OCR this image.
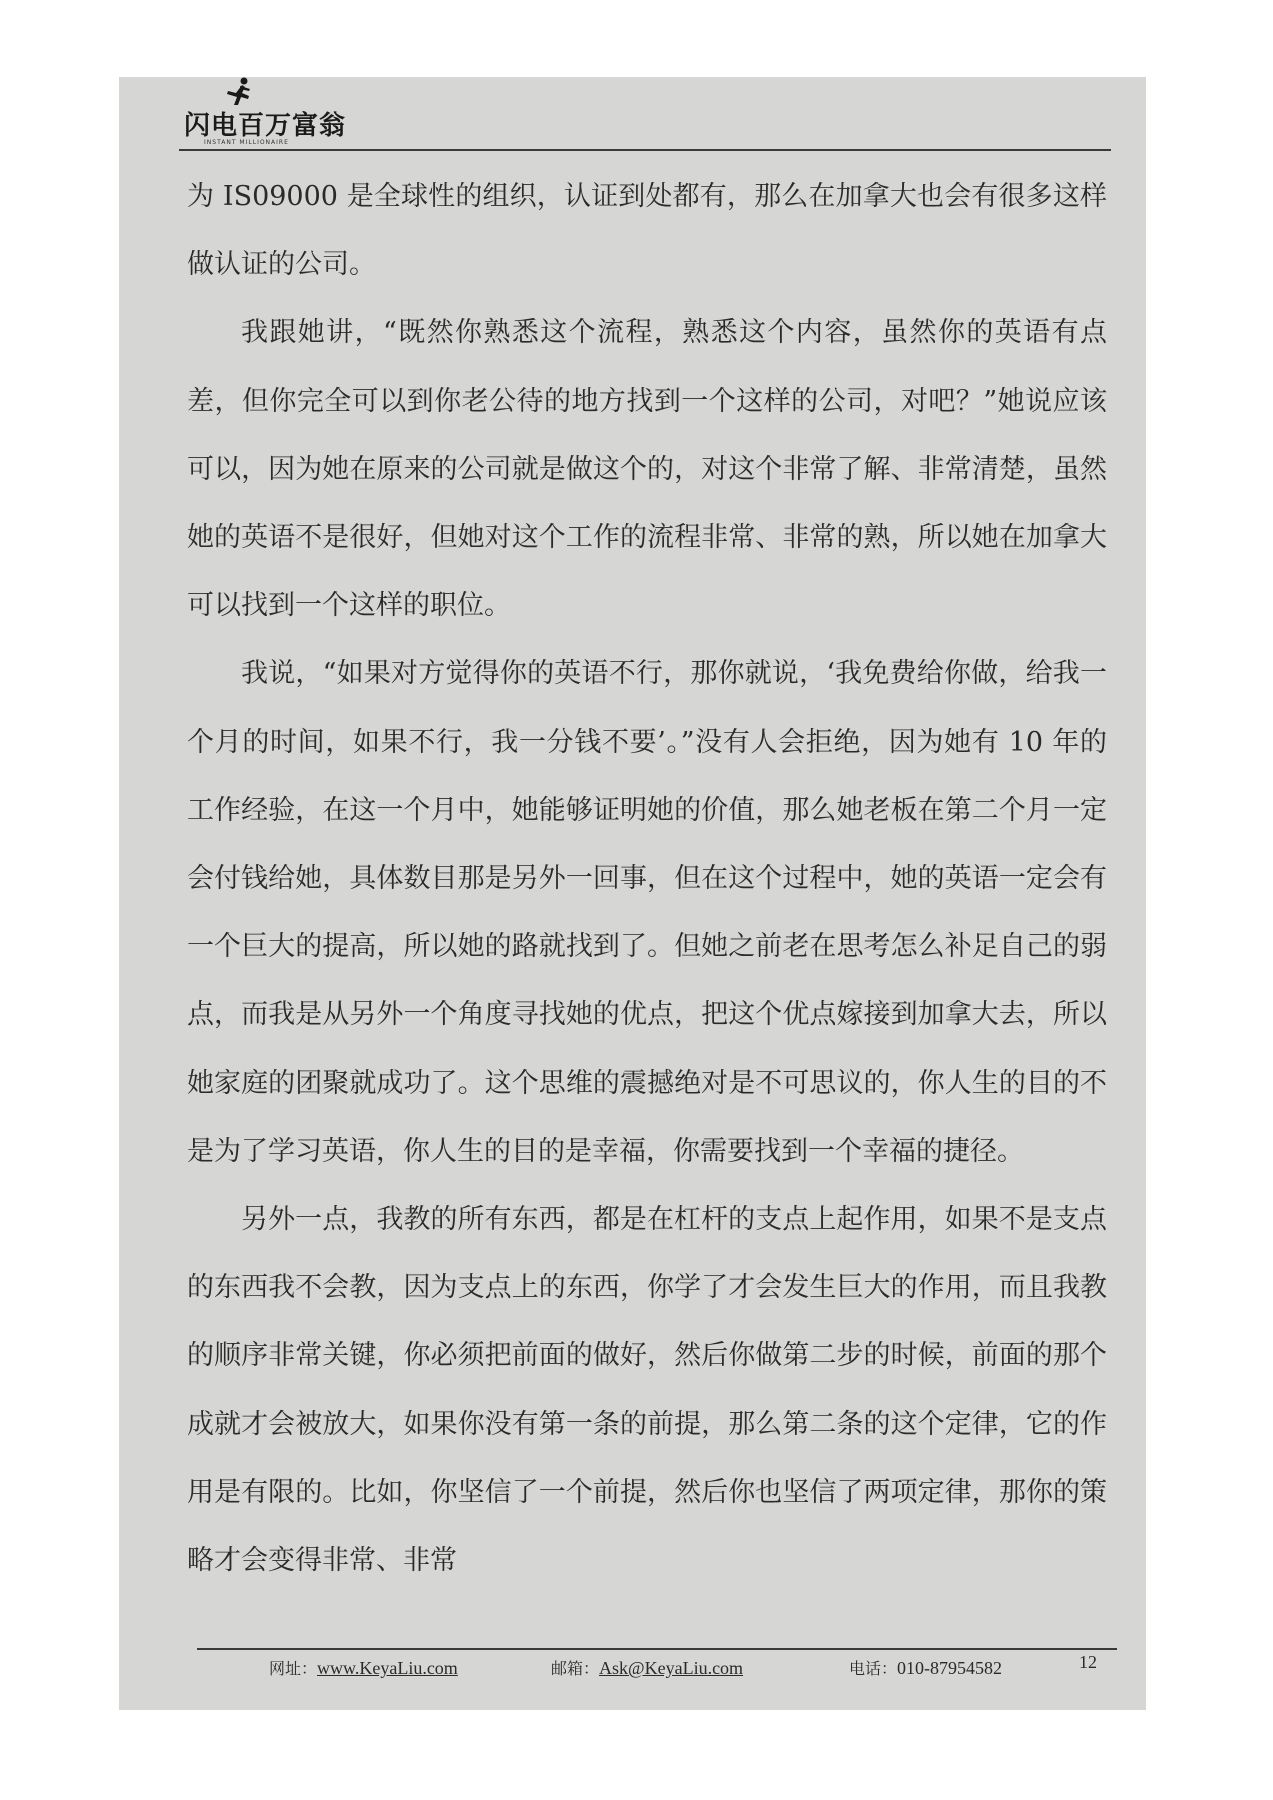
闪电百万富翁
INSTANT MILLIONAIRE

为 IS09000 是全球性的组织，认证到处都有，那么在加拿大也会有很多这样做认证的公司。

我跟她讲，“既然你熟悉这个流程，熟悉这个内容，虽然你的英语有点差，但你完全可以到你老公待的地方找到一个这样的公司，对吧？”她说应该可以，因为她在原来的公司就是做这个的，对这个非常了解、非常清楚，虽然她的英语不是很好，但她对这个工作的流程非常、非常的熟，所以她在加拿大可以找到一个这样的职位。

我说，“如果对方觉得你的英语不行，那你就说，‘我免费给你做，给我一个月的时间，如果不行，我一分钱不要’。”没有人会拒绝，因为她有 10 年的工作经验，在这一个月中，她能够证明她的价值，那么她老板在第二个月一定会付钱给她，具体数目那是另外一回事，但在这个过程中，她的英语一定会有一个巨大的提高，所以她的路就找到了。但她之前老在思考怎么补足自己的弱点，而我是从另外一个角度寻找她的优点，把这个优点嫁接到加拿大去，所以她家庭的团聚就成功了。这个思维的震撼绝对是不可思议的，你人生的目的不是为了学习英语，你人生的目的是幸福，你需要找到一个幸福的捷径。

另外一点，我教的所有东西，都是在杠杆的支点上起作用，如果不是支点的东西我不会教，因为支点上的东西，你学了才会发生巨大的作用，而且我教的顺序非常关键，你必须把前面的做好，然后你做第二步的时候，前面的那个成就才会被放大，如果你没有第一条的前提，那么第二条的这个定律，它的作用是有限的。比如，你坚信了一个前提，然后你也坚信了两项定律，那你的策略才会变得非常、非常

网址：www.KeyaLiu.com	邮箱：Ask@KeyaLiu.com	电话：010-87954582	12
